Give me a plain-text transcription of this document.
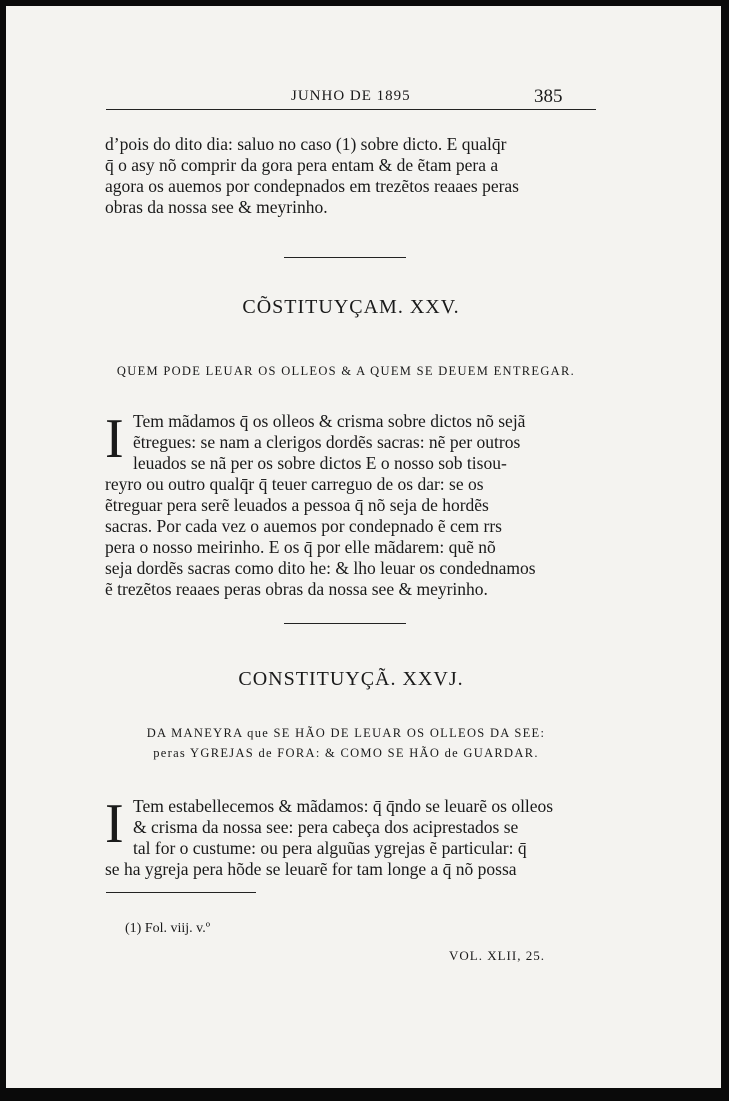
JUNHO DE 1895	385
d’pois do dito dia: saluo no caso (1) sobre dicto. E qualq̄r
q̄ o asy nõ comprir da gora pera entam & de ẽtam pera a
agora os auemos por condepnados em trezẽtos reaaes peras
obras da nossa see & meyrinho.
CÕSTITUYÇAM. XXV.
QUEM PODE LEUAR OS OLLEOS & A QUEM SE DEUEM ENTREGAR.
I Tem mãdamos q̄ os olleos & crisma sobre dictos nõ sejã
ẽtregues: se nam a clerigos dordẽs sacras: nẽ per outros
leuados se nã per os sobre dictos E o nosso sob tisou-
reyro ou outro qualq̄r q̄ teuer carreguo de os dar: se os
ẽtreguar pera serẽ leuados a pessoa q̄ nõ seja de hordẽs
sacras. Por cada vez o auemos por condepnado ẽ cem rrs
pera o nosso meirinho. E os q̄ por elle mãdarem: quẽ nõ
seja dordẽs sacras como dito he: & lho leuar os condednamos
ẽ trezẽtos reaaes peras obras da nossa see & meyrinho.
CONSTITUYÇÃ. XXVJ.
DA MANEYRA que SE HÃO DE LEUAR OS OLLEOS DA SEE:
peras YGREJAS de FORA: & COMO SE HÃO de GUARDAR.
I Tem estabellecemos & mãdamos: q̄ q̄ndo se leuarẽ os olleos
& crisma da nossa see: pera cabeça dos aciprestados se
tal for o custume: ou pera alguũas ygrejas ẽ particular: q̄
se ha ygreja pera hõde se leuarẽ for tam longe a q̄ nõ possa
(1) Fol. viij. v.º
VOL. XLII, 25.
